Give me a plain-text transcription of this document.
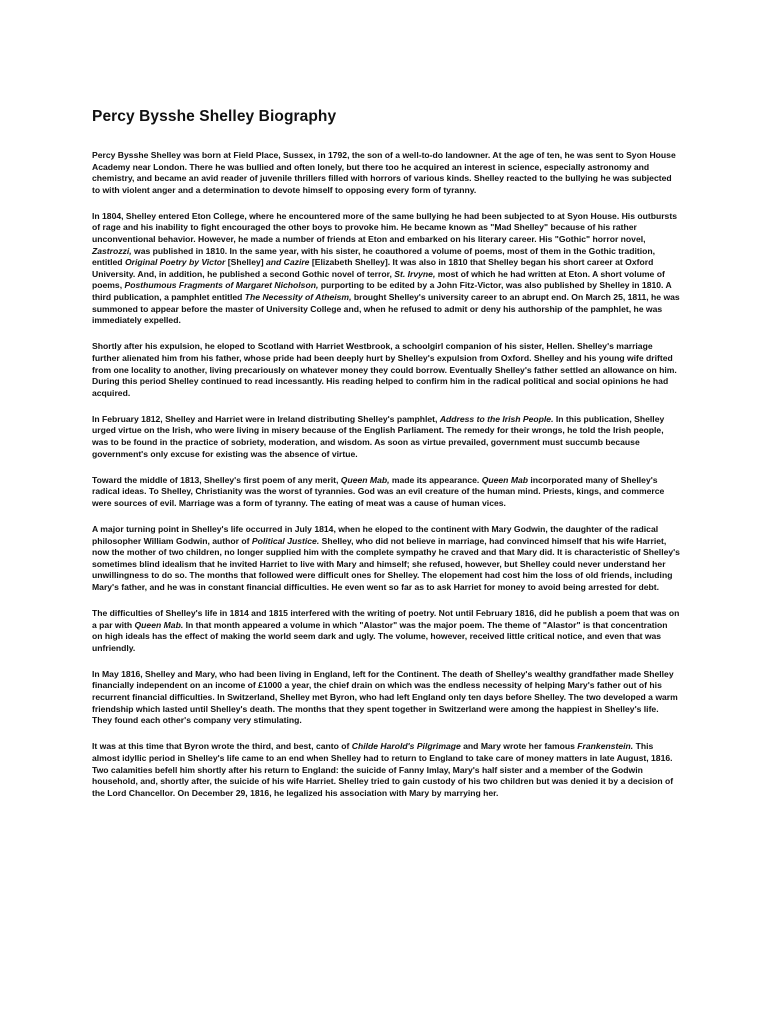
Percy Bysshe Shelley Biography

Percy Bysshe Shelley was born at Field Place, Sussex, in 1792, the son of a well-to-do landowner. At the age of ten, he was sent to Syon House Academy near London. There he was bullied and often lonely, but there too he acquired an interest in science, especially astronomy and chemistry, and became an avid reader of juvenile thrillers filled with horrors of various kinds. Shelley reacted to the bullying he was subjected to with violent anger and a determination to devote himself to opposing every form of tyranny.

In 1804, Shelley entered Eton College, where he encountered more of the same bullying he had been subjected to at Syon House. His outbursts of rage and his inability to fight encouraged the other boys to provoke him. He became known as "Mad Shelley" because of his rather unconventional behavior. However, he made a number of friends at Eton and embarked on his literary career. His "Gothic" horror novel, Zastrozzi, was published in 1810. In the same year, with his sister, he coauthored a volume of poems, most of them in the Gothic tradition, entitled Original Poetry by Victor [Shelley] and Cazire [Elizabeth Shelley]. It was also in 1810 that Shelley began his short career at Oxford University. And, in addition, he published a second Gothic novel of terror, St. Irvyne, most of which he had written at Eton. A short volume of poems, Posthumous Fragments of Margaret Nicholson, purporting to be edited by a John Fitz-Victor, was also published by Shelley in 1810. A third publication, a pamphlet entitled The Necessity of Atheism, brought Shelley's university career to an abrupt end. On March 25, 1811, he was summoned to appear before the master of University College and, when he refused to admit or deny his authorship of the pamphlet, he was immediately expelled.

Shortly after his expulsion, he eloped to Scotland with Harriet Westbrook, a schoolgirl companion of his sister, Hellen. Shelley's marriage further alienated him from his father, whose pride had been deeply hurt by Shelley's expulsion from Oxford. Shelley and his young wife drifted from one locality to another, living precariously on whatever money they could borrow. Eventually Shelley's father settled an allowance on him. During this period Shelley continued to read incessantly. His reading helped to confirm him in the radical political and social opinions he had acquired.

In February 1812, Shelley and Harriet were in Ireland distributing Shelley's pamphlet, Address to the Irish People. In this publication, Shelley urged virtue on the Irish, who were living in misery because of the English Parliament. The remedy for their wrongs, he told the Irish people, was to be found in the practice of sobriety, moderation, and wisdom. As soon as virtue prevailed, government must succumb because government's only excuse for existing was the absence of virtue.

Toward the middle of 1813, Shelley's first poem of any merit, Queen Mab, made its appearance. Queen Mab incorporated many of Shelley's radical ideas. To Shelley, Christianity was the worst of tyrannies. God was an evil creature of the human mind. Priests, kings, and commerce were sources of evil. Marriage was a form of tyranny. The eating of meat was a cause of human vices.

A major turning point in Shelley's life occurred in July 1814, when he eloped to the continent with Mary Godwin, the daughter of the radical philosopher William Godwin, author of Political Justice. Shelley, who did not believe in marriage, had convinced himself that his wife Harriet, now the mother of two children, no longer supplied him with the complete sympathy he craved and that Mary did. It is characteristic of Shelley's sometimes blind idealism that he invited Harriet to live with Mary and himself; she refused, however, but Shelley could never understand her unwillingness to do so. The months that followed were difficult ones for Shelley. The elopement had cost him the loss of old friends, including Mary's father, and he was in constant financial difficulties. He even went so far as to ask Harriet for money to avoid being arrested for debt.

The difficulties of Shelley's life in 1814 and 1815 interfered with the writing of poetry. Not until February 1816, did he publish a poem that was on a par with Queen Mab. In that month appeared a volume in which "Alastor" was the major poem. The theme of "Alastor" is that concentration on high ideals has the effect of making the world seem dark and ugly. The volume, however, received little critical notice, and even that was unfriendly.

In May 1816, Shelley and Mary, who had been living in England, left for the Continent. The death of Shelley's wealthy grandfather made Shelley financially independent on an income of £1000 a year, the chief drain on which was the endless necessity of helping Mary's father out of his recurrent financial difficulties. In Switzerland, Shelley met Byron, who had left England only ten days before Shelley. The two developed a warm friendship which lasted until Shelley's death. The months that they spent together in Switzerland were among the happiest in Shelley's life. They found each other's company very stimulating.

It was at this time that Byron wrote the third, and best, canto of Childe Harold's Pilgrimage and Mary wrote her famous Frankenstein. This almost idyllic period in Shelley's life came to an end when Shelley had to return to England to take care of money matters in late August, 1816. Two calamities befell him shortly after his return to England: the suicide of Fanny Imlay, Mary's half sister and a member of the Godwin household, and, shortly after, the suicide of his wife Harriet. Shelley tried to gain custody of his two children but was denied it by a decision of the Lord Chancellor. On December 29, 1816, he legalized his association with Mary by marrying her.
